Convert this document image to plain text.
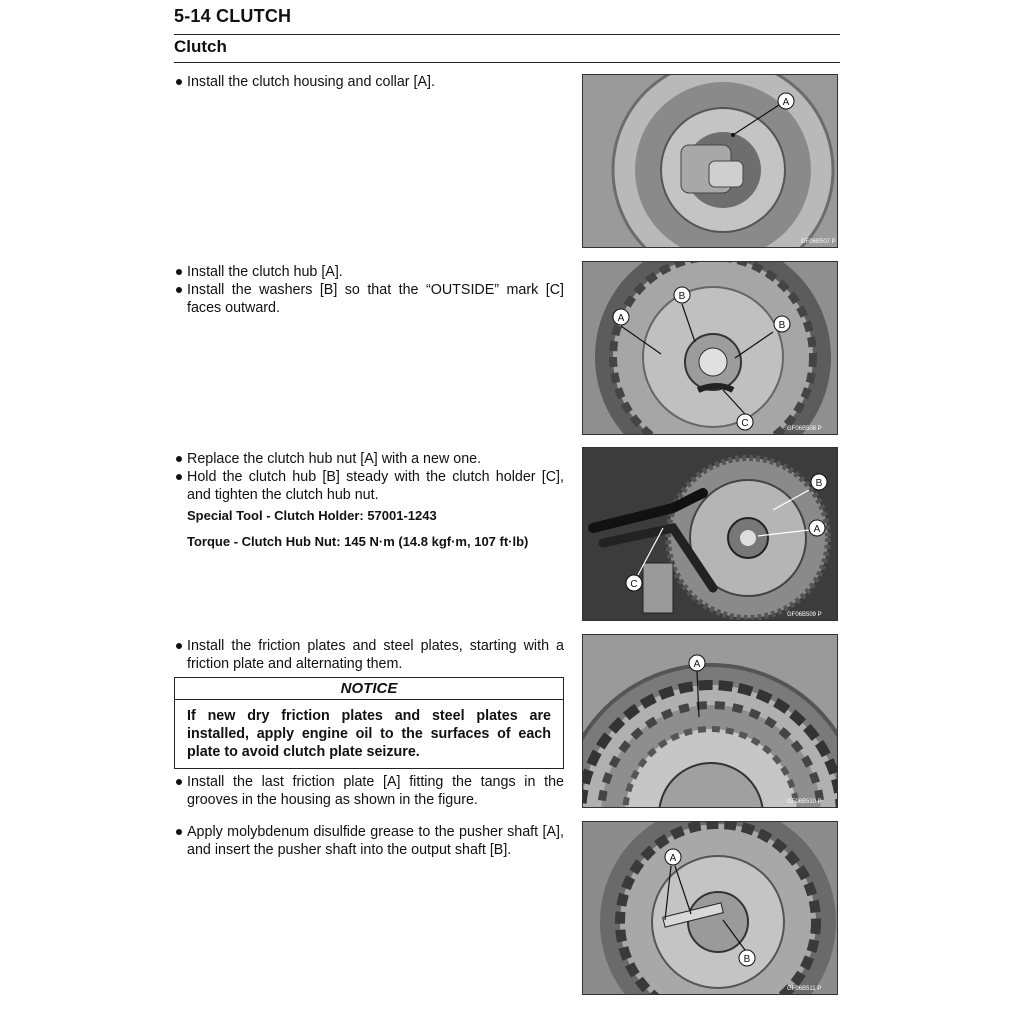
5-14 CLUTCH
Clutch
Install the clutch housing and collar [A].
Install the clutch hub [A].
Install the washers [B] so that the “OUTSIDE” mark [C] faces outward.
Replace the clutch hub nut [A] with a new one.
Hold the clutch hub [B] steady with the clutch holder [C], and tighten the clutch hub nut.
Special Tool - Clutch Holder: 57001-1243
Torque - Clutch Hub Nut: 145 N·m (14.8 kgf·m, 107 ft·lb)
Install the friction plates and steel plates, starting with a friction plate and alternating them.
NOTICE
If new dry friction plates and steel plates are installed, apply engine oil to the surfaces of each plate to avoid clutch plate seizure.
Install the last friction plate [A] fitting the tangs in the grooves in the housing as shown in the figure.
Apply molybdenum disulfide grease to the pusher shaft [A], and insert the pusher shaft into the output shaft [B].
A
GF06B507 P
A
B
B
C	GF06B508 P
B
A
C
GF06B509 P
A
GF06B510 P
A
B
GF06B511 P
